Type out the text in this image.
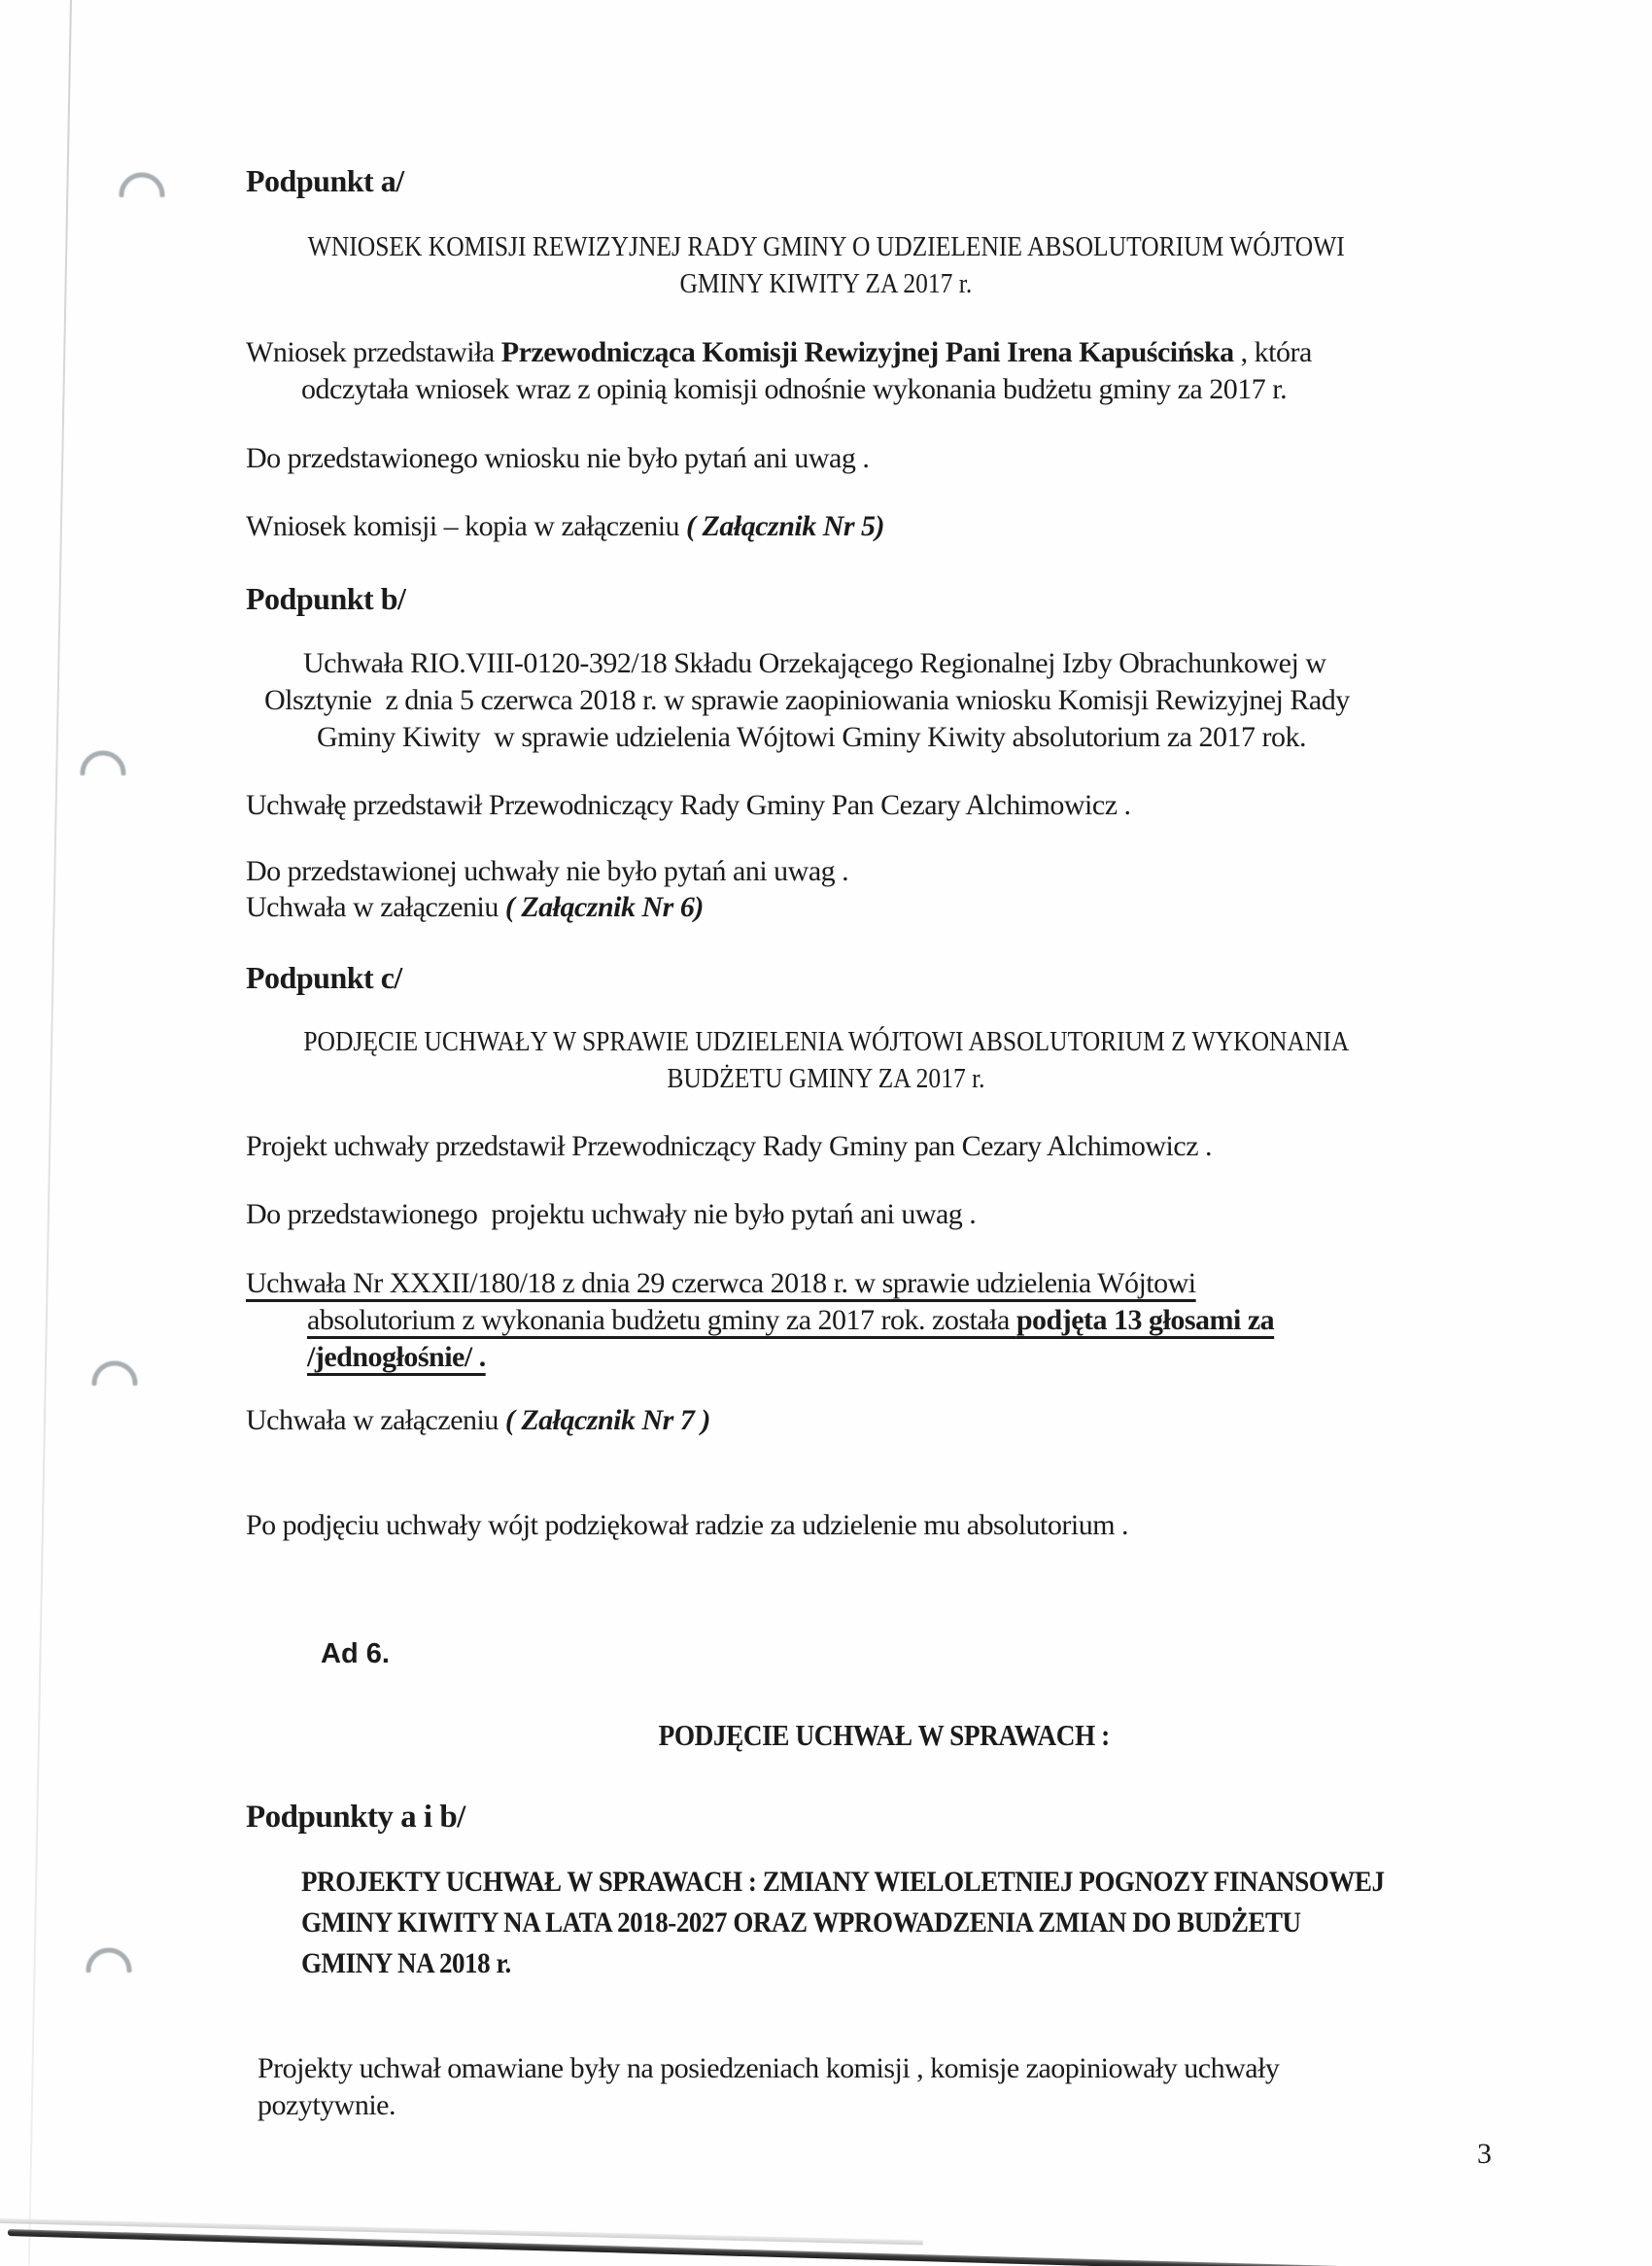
Podpunkt a/
WNIOSEK KOMISJI REWIZYJNEJ RADY GMINY O UDZIELENIE ABSOLUTORIUM WÓJTOWI
GMINY KIWITY ZA 2017 r.
Wniosek przedstawiła Przewodnicząca Komisji Rewizyjnej Pani Irena Kapuścińska , która
odczytała wniosek wraz z opinią komisji odnośnie wykonania budżetu gminy za 2017 r.
Do przedstawionego wniosku nie było pytań ani uwag .
Wniosek komisji – kopia w załączeniu ( Załącznik Nr 5)
Podpunkt b/
Uchwała RIO.VIII-0120-392/18 Składu Orzekającego Regionalnej Izby Obrachunkowej w
Olsztynie  z dnia 5 czerwca 2018 r. w sprawie zaopiniowania wniosku Komisji Rewizyjnej Rady
Gminy Kiwity  w sprawie udzielenia Wójtowi Gminy Kiwity absolutorium za 2017 rok.
Uchwałę przedstawił Przewodniczący Rady Gminy Pan Cezary Alchimowicz .
Do przedstawionej uchwały nie było pytań ani uwag .
Uchwała w załączeniu ( Załącznik Nr 6)
Podpunkt c/
PODJĘCIE UCHWAŁY W SPRAWIE UDZIELENIA WÓJTOWI ABSOLUTORIUM Z WYKONANIA
BUDŻETU GMINY ZA 2017 r.
Projekt uchwały przedstawił Przewodniczący Rady Gminy pan Cezary Alchimowicz .
Do przedstawionego  projektu uchwały nie było pytań ani uwag .
Uchwała Nr XXXII/180/18 z dnia 29 czerwca 2018 r. w sprawie udzielenia Wójtowi
absolutorium z wykonania budżetu gminy za 2017 rok. została podjęta 13 głosami za
/jednogłośnie/ .
Uchwała w załączeniu ( Załącznik Nr 7 )
Po podjęciu uchwały wójt podziękował radzie za udzielenie mu absolutorium .
Ad 6.
PODJĘCIE UCHWAŁ W SPRAWACH :
Podpunkty a i b/
PROJEKTY UCHWAŁ W SPRAWACH : ZMIANY WIELOLETNIEJ POGNOZY FINANSOWEJ
GMINY KIWITY NA LATA 2018-2027 ORAZ WPROWADZENIA ZMIAN DO BUDŻETU
GMINY NA 2018 r.
Projekty uchwał omawiane były na posiedzeniach komisji , komisje zaopiniowały uchwały
pozytywnie.
3
